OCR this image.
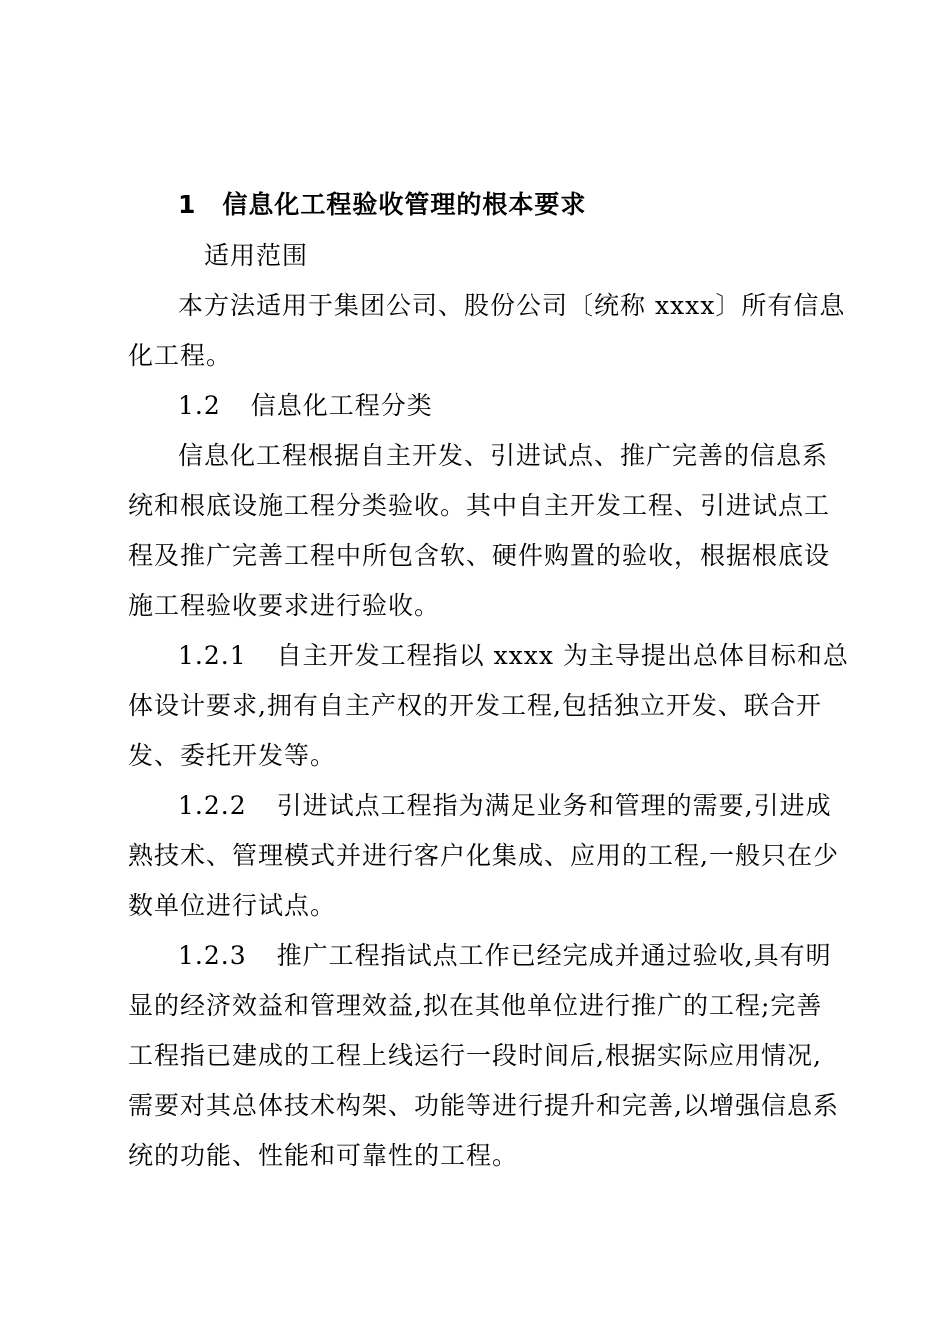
1 信息化工程验收管理的根本要求
适用范围
本方法适用于集团公司、股份公司〔统称 xxxx〕所有信息
化工程。
1.2 信息化工程分类
信息化工程根据自主开发、引进试点、推广完善的信息系
统和根底设施工程分类验收。其中自主开发工程、引进试点工
程及推广完善工程中所包含软、硬件购置的验收，根据根底设
施工程验收要求进行验收。
1.2.1 自主开发工程指以 xxxx 为主导提出总体目标和总
体设计要求,拥有自主产权的开发工程,包括独立开发、联合开
发、委托开发等。
1.2.2 引进试点工程指为满足业务和管理的需要,引进成
熟技术、管理模式并进行客户化集成、应用的工程,一般只在少
数单位进行试点。
1.2.3 推广工程指试点工作已经完成并通过验收,具有明
显的经济效益和管理效益,拟在其他单位进行推广的工程;完善
工程指已建成的工程上线运行一段时间后,根据实际应用情况,
需要对其总体技术构架、功能等进行提升和完善,以增强信息系
统的功能、性能和可靠性的工程。
